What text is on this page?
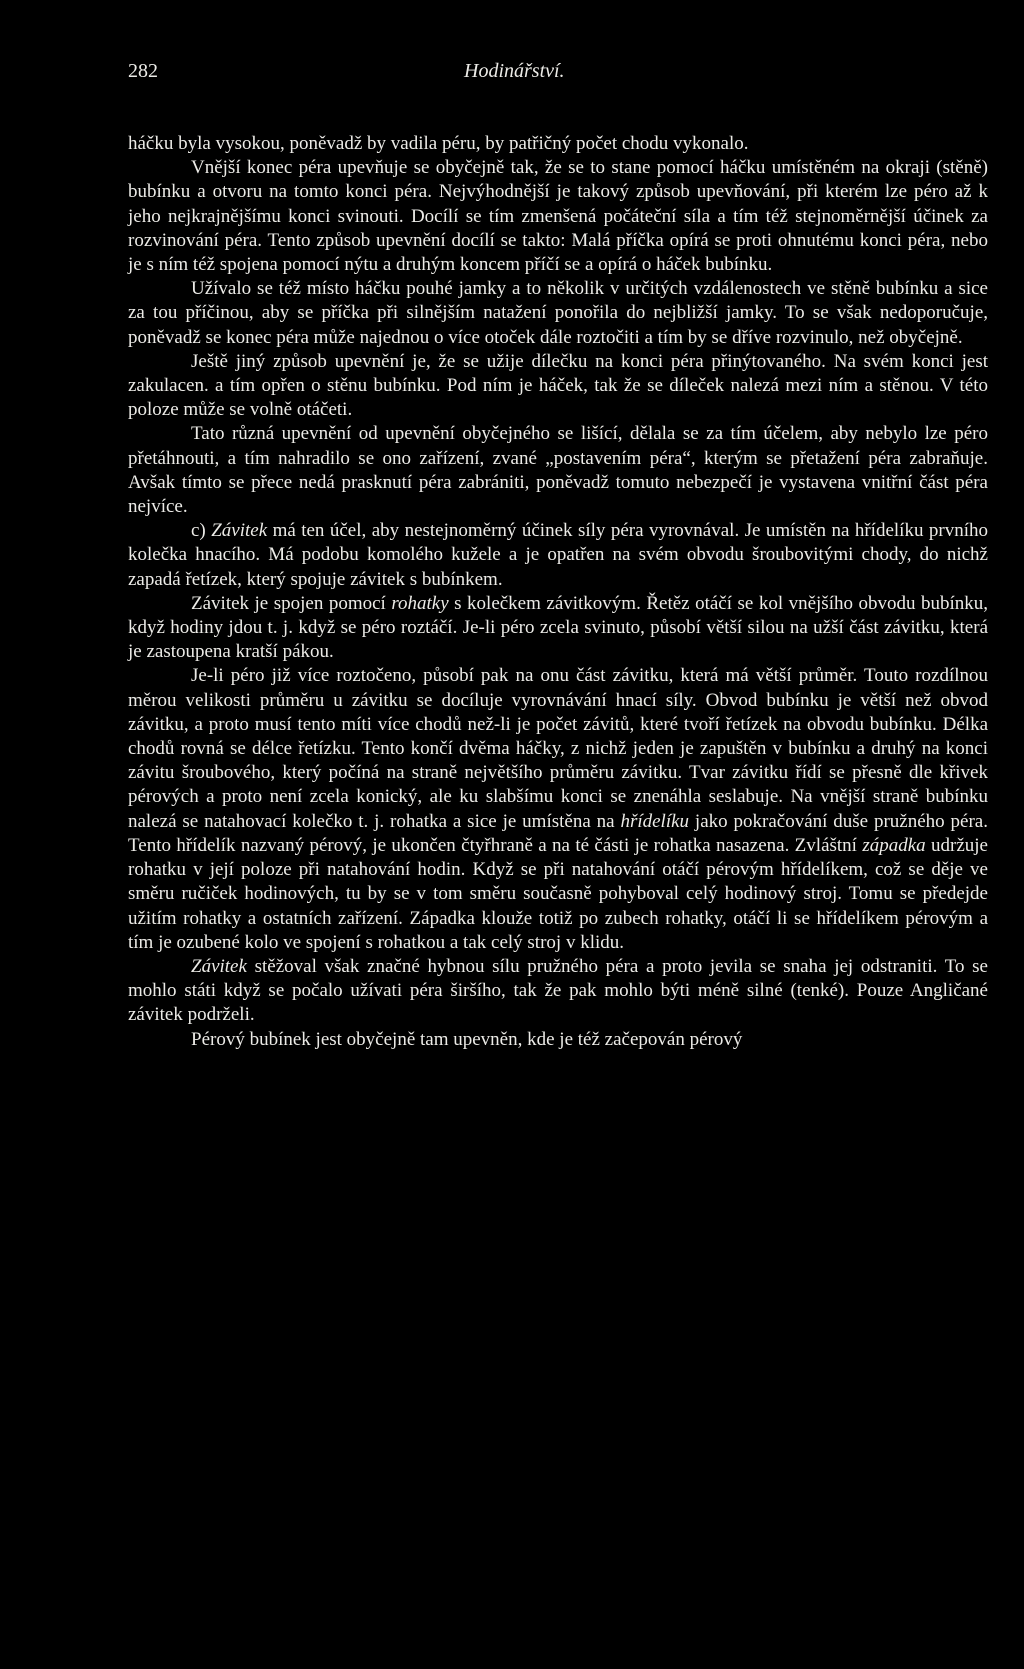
282	Hodinářství.

háčku byla vysokou, poněvadž by vadila péru, by patřičný počet chodu vykonalo.

Vnější konec péra upevňuje se obyčejně tak, že se to stane pomocí háčku umístěném na okraji (stěně) bubínku a otvoru na tomto konci péra. Nejvýhodnější je takový způsob upevňování, při kterém lze péro až k jeho nejkrajnějšímu konci svinouti. Docílí se tím zmenšená počáteční síla a tím též stejnoměrnější účinek za rozvinování péra. Tento způsob upevnění docílí se takto: Malá příčka opírá se proti ohnutému konci péra, nebo je s ním též spojena pomocí nýtu a druhým koncem příčí se a opírá o háček bubínku.

Užívalo se též místo háčku pouhé jamky a to několik v určitých vzdálenostech ve stěně bubínku a sice za tou příčinou, aby se příčka při silnějším natažení ponořila do nejbližší jamky. To se však nedoporučuje, poněvadž se konec péra může najednou o více otoček dále roztočiti a tím by se dříve rozvinulo, než obyčejně.

Ještě jiný způsob upevnění je, že se užije dílečku na konci péra přinýtovaného. Na svém konci jest zakulacen. a tím opřen o stěnu bubínku. Pod ním je háček, tak že se díleček nalezá mezi ním a stěnou. V této poloze může se volně otáčeti.

Tato různá upevnění od upevnění obyčejného se lišící, dělala se za tím účelem, aby nebylo lze péro přetáhnouti, a tím nahradilo se ono zařízení, zvané „postavením péra“, kterým se přetažení péra zabraňuje. Avšak tímto se přece nedá prasknutí péra zabrániti, poněvadž tomuto nebezpečí je vystavena vnitřní část péra nejvíce.

c) Závitek má ten účel, aby nestejnoměrný účinek síly péra vyrovnával. Je umístěn na hřídelíku prvního kolečka hnacího. Má podobu komolého kužele a je opatřen na svém obvodu šroubovitými chody, do nichž zapadá řetízek, který spojuje závitek s bubínkem.

Závitek je spojen pomocí rohatky s kolečkem závitkovým. Řetěz otáčí se kol vnějšího obvodu bubínku, když hodiny jdou t. j. když se péro roztáčí. Je-li péro zcela svinuto, působí větší silou na užší část závitku, která je zastoupena kratší pákou.

Je-li péro již více roztočeno, působí pak na onu část závitku, která má větší průměr. Touto rozdílnou měrou velikosti průměru u závitku se docíluje vyrovnávání hnací síly. Obvod bubínku je větší než obvod závitku, a proto musí tento míti více chodů než-li je počet závitů, které tvoří řetízek na obvodu bubínku. Délka chodů rovná se délce řetízku. Tento končí dvěma háčky, z nichž jeden je zapuštěn v bubínku a druhý na konci závitu šroubového, který počíná na straně největšího průměru závitku. Tvar závitku řídí se přesně dle křivek pérových a proto není zcela konický, ale ku slabšímu konci se znenáhla seslabuje. Na vnější straně bubínku nalezá se natahovací kolečko t. j. rohatka a sice je umístěna na hřídelíku jako pokračování duše pružného péra. Tento hřídelík nazvaný pérový, je ukončen čtyřhraně a na té části je rohatka nasazena. Zvláštní západka udržuje rohatku v její poloze při natahování hodin. Když se při natahování otáčí pérovým hřídelíkem, což se děje ve směru ručiček hodinových, tu by se v tom směru současně pohyboval celý hodinový stroj. Tomu se předejde užitím rohatky a ostatních zařízení. Západka klouže totiž po zubech rohatky, otáčí li se hřídelíkem pérovým a tím je ozubené kolo ve spojení s rohatkou a tak celý stroj v klidu.

Závitek stěžoval však značné hybnou sílu pružného péra a proto jevila se snaha jej odstraniti. To se mohlo státi když se počalo užívati péra širšího, tak že pak mohlo býti méně silné (tenké). Pouze Angličané závitek podrželi.

Pérový bubínek jest obyčejně tam upevněn, kde je též začepován pérový
